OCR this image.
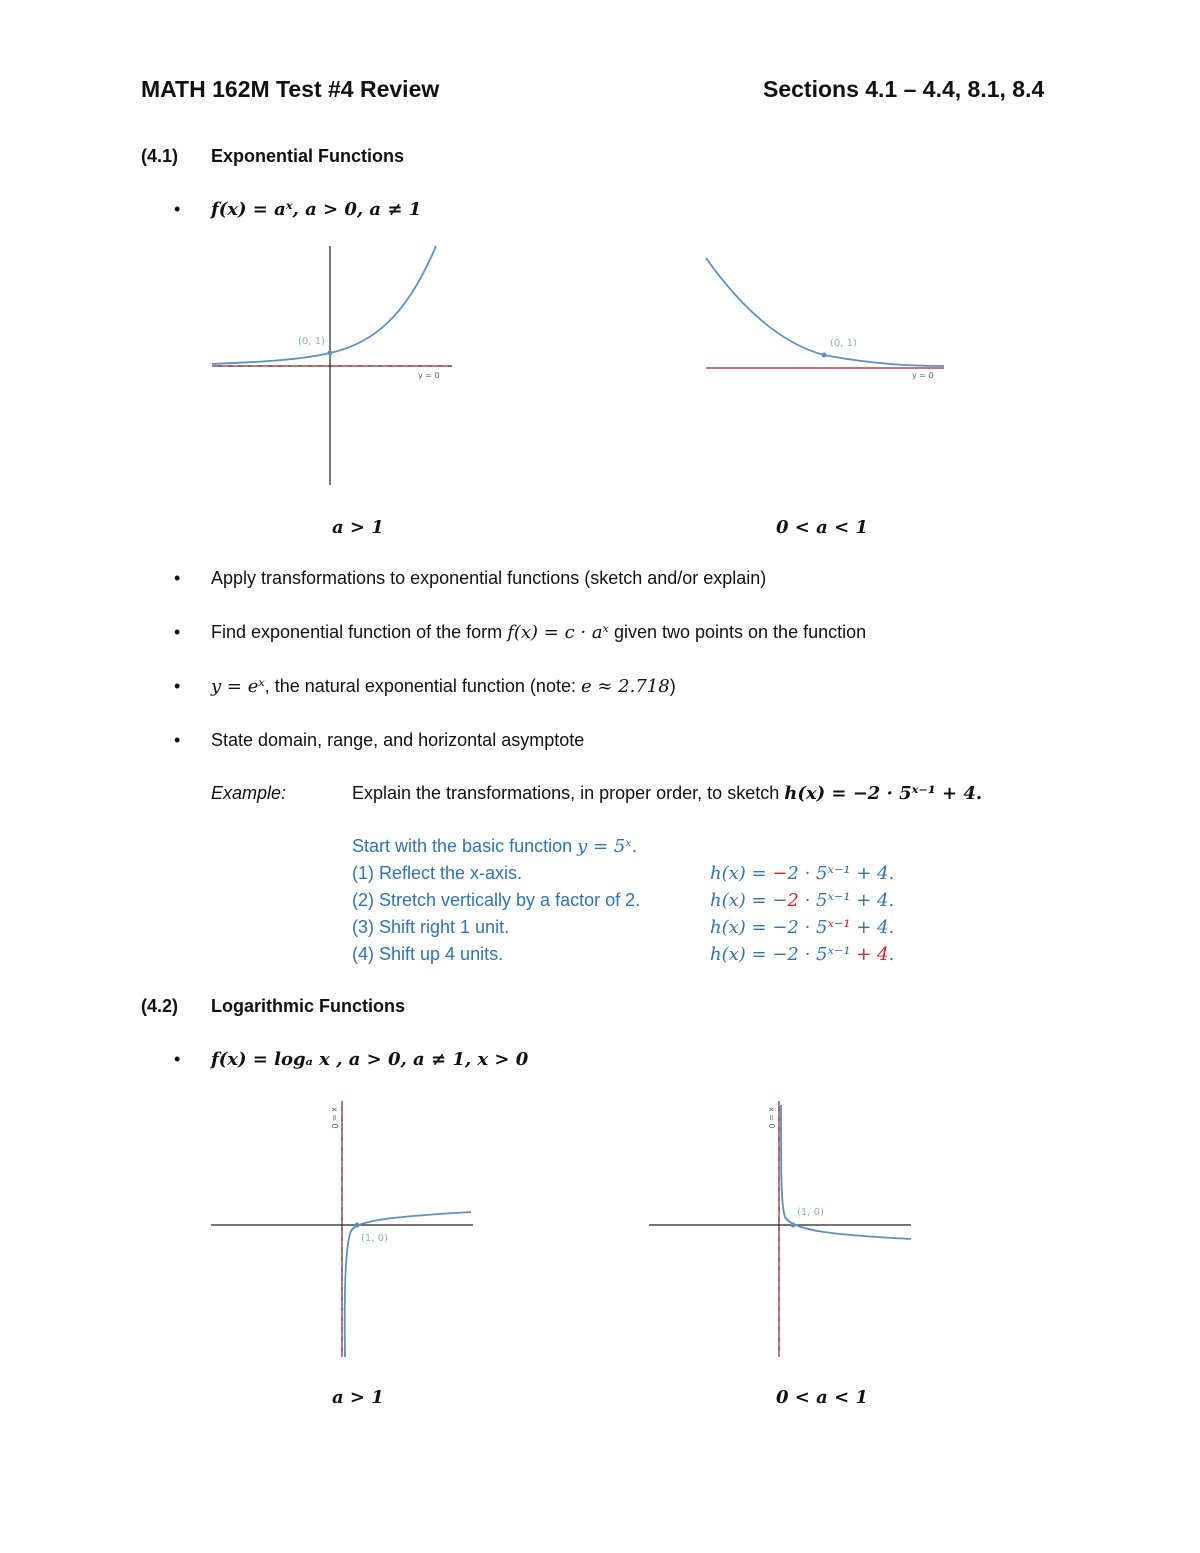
MATH 162M Test #4 Review	Sections 4.1 – 4.4, 8.1, 8.4
(4.1) Exponential Functions
• f(x) = aˣ, a > 0, a ≠ 1
(0, 1)
y = 0
(0, 1)
y = 0
a > 1	0 < a < 1
• Apply transformations to exponential functions (sketch and/or explain)
• Find exponential function of the form f(x) = c · aˣ given two points on the function
• y = eˣ, the natural exponential function (note: e ≈ 2.718)
• State domain, range, and horizontal asymptote
Example:	Explain the transformations, in proper order, to sketch h(x) = −2 · 5ˣ⁻¹ + 4.
Start with the basic function y = 5ˣ.
(1) Reflect the x-axis.	h(x) = −2 · 5ˣ⁻¹ + 4.
(2) Stretch vertically by a factor of 2.	h(x) = −2 · 5ˣ⁻¹ + 4.
(3) Shift right 1 unit.	h(x) = −2 · 5ˣ⁻¹ + 4.
(4) Shift up 4 units.	h(x) = −2 · 5ˣ⁻¹ + 4.
(4.2) Logarithmic Functions
• f(x) = logₐ x , a > 0, a ≠ 1, x > 0
(1, 0)
x = 0
(1, 0)
x = 0
a > 1	0 < a < 1
